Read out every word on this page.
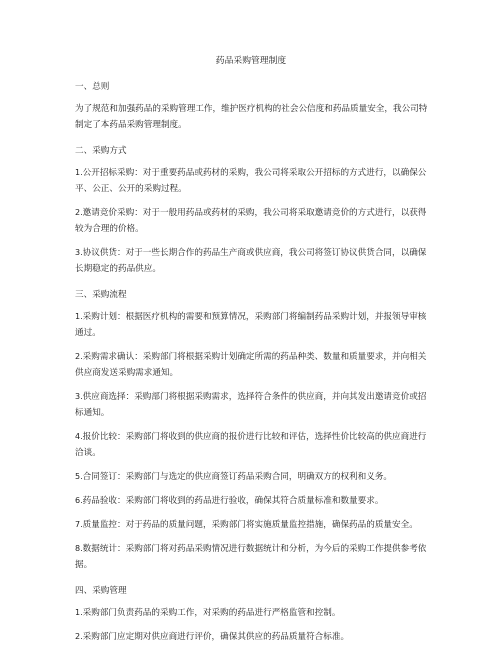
药品采购管理制度
一、总则
为了规范和加强药品的采购管理工作，维护医疗机构的社会公信度和药品质量安全，我公司特制定了本药品采购管理制度。
二、采购方式
1.公开招标采购：对于重要药品或药材的采购，我公司将采取公开招标的方式进行，以确保公平、公正、公开的采购过程。
2.邀请竞价采购：对于一般用药品或药材的采购，我公司将采取邀请竞价的方式进行，以获得较为合理的价格。
3.协议供货：对于一些长期合作的药品生产商或供应商，我公司将签订协议供货合同，以确保长期稳定的药品供应。
三、采购流程
1.采购计划：根据医疗机构的需要和预算情况，采购部门将编制药品采购计划，并报领导审核通过。
2.采购需求确认：采购部门将根据采购计划确定所需的药品种类、数量和质量要求，并向相关供应商发送采购需求通知。
3.供应商选择：采购部门将根据采购需求，选择符合条件的供应商，并向其发出邀请竞价或招标通知。
4.报价比较：采购部门将收到的供应商的报价进行比较和评估，选择性价比较高的供应商进行洽谈。
5.合同签订：采购部门与选定的供应商签订药品采购合同，明确双方的权利和义务。
6.药品验收：采购部门将收到的药品进行验收，确保其符合质量标准和数量要求。
7.质量监控：对于药品的质量问题，采购部门将实施质量监控措施，确保药品的质量安全。
8.数据统计：采购部门将对药品采购情况进行数据统计和分析，为今后的采购工作提供参考依据。
四、采购管理
1.采购部门负责药品的采购工作，对采购的药品进行严格监管和控制。
2.采购部门应定期对供应商进行评价，确保其供应的药品质量符合标准。
